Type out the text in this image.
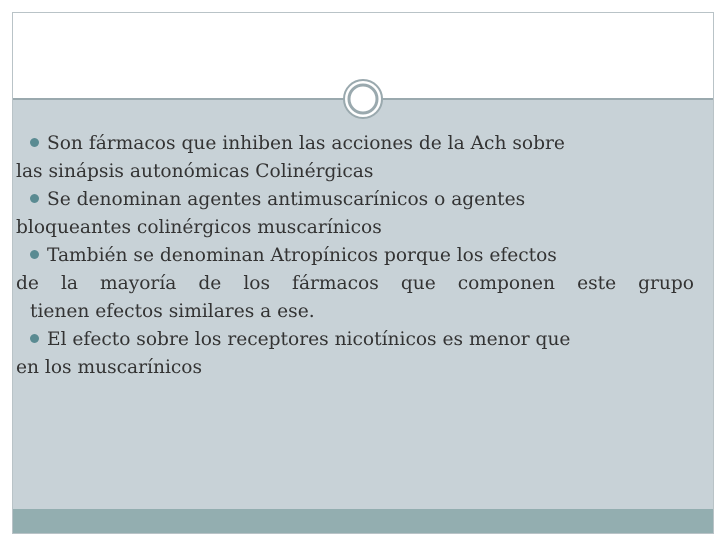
Son fármacos que inhiben las acciones de la Ach sobre
las sinápsis autonómicas Colinérgicas
Se denominan agentes antimuscarínicos o agentes
bloqueantes colinérgicos muscarínicos
También se denominan Atropínicos porque los efectos
de la mayoría de los fármacos que componen este grupo
tienen efectos similares a ese.
El efecto sobre los receptores nicotínicos es menor que
en los muscarínicos
